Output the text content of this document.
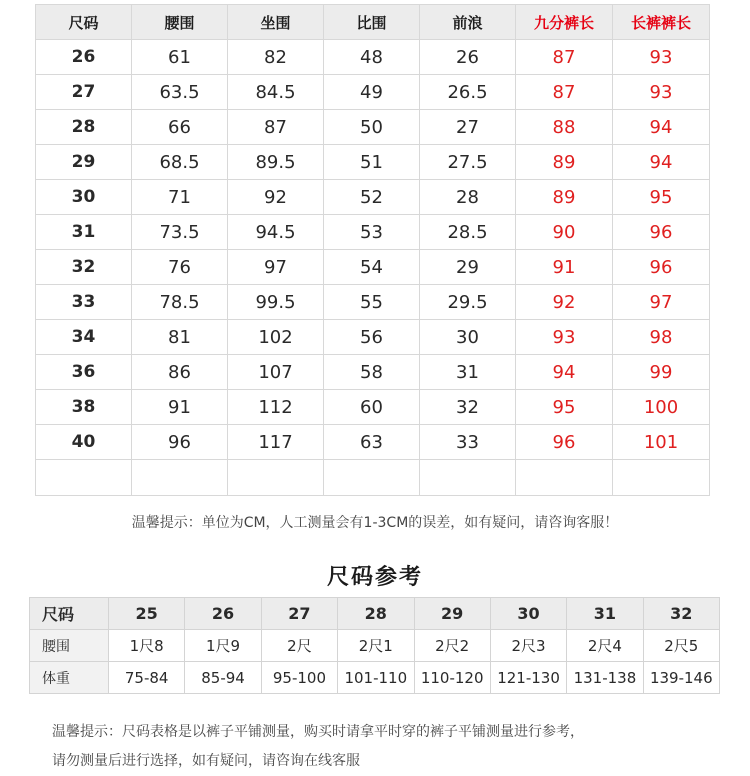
尺码	腰围	坐围	比围	前浪	九分裤长	长裤裤长
26	61	82	48	26	87	93
27	63.5	84.5	49	26.5	87	93
28	66	87	50	27	88	94
29	68.5	89.5	51	27.5	89	94
30	71	92	52	28	89	95
31	73.5	94.5	53	28.5	90	96
32	76	97	54	29	91	96
33	78.5	99.5	55	29.5	92	97
34	81	102	56	30	93	98
36	86	107	58	31	94	99
38	91	112	60	32	95	100
40	96	117	63	33	96	101

温馨提示：单位为CM，人工测量会有1-3CM的误差，如有疑问，请咨询客服！
尺码参考
尺码	25	26	27	28	29	30	31	32
腰围	1尺8	1尺9	2尺	2尺1	2尺2	2尺3	2尺4	2尺5
体重	75-84	85-94	95-100	101-110	110-120	121-130	131-138	139-146
温馨提示：尺码表格是以裤子平铺测量，购买时请拿平时穿的裤子平铺测量进行参考，
请勿测量后进行选择，如有疑问，请咨询在线客服
